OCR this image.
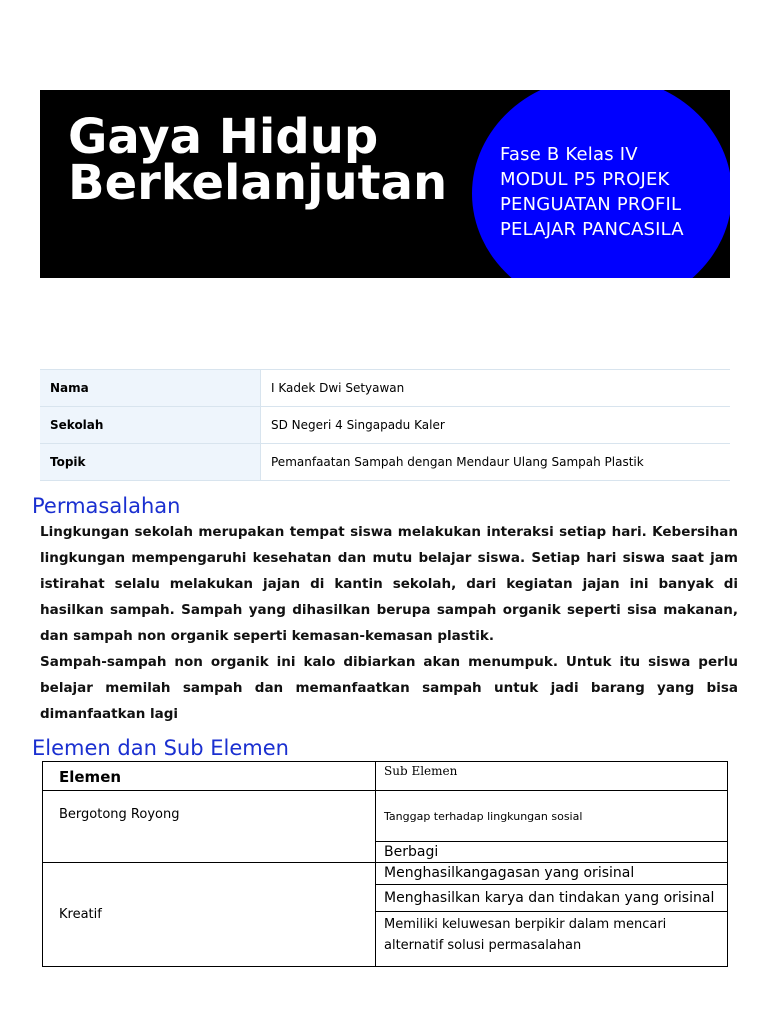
Gaya Hidup
Berkelanjutan
Fase B Kelas IV
MODUL P5 PROJEK
PENGUATAN PROFIL
PELAJAR PANCASILA
Nama	I Kadek Dwi Setyawan
Sekolah	SD Negeri 4 Singapadu Kaler
Topik	Pemanfaatan Sampah dengan Mendaur Ulang Sampah Plastik
Permasalahan

Lingkungan sekolah merupakan tempat siswa melakukan interaksi setiap hari. Kebersihan lingkungan mempengaruhi kesehatan dan mutu belajar siswa. Setiap hari siswa saat jam istirahat selalu melakukan jajan di kantin sekolah, dari kegiatan jajan ini banyak di hasilkan sampah. Sampah yang dihasilkan berupa sampah organik seperti sisa makanan, dan sampah non organik seperti kemasan-kemasan plastik.

Sampah-sampah non organik ini kalo dibiarkan akan menumpuk. Untuk itu siswa perlu belajar memilah sampah dan memanfaatkan sampah untuk jadi barang yang bisa dimanfaatkan lagi

Elemen dan Sub Elemen
Elemen	Sub Elemen
Bergotong Royong	Tanggap terhadap lingkungan sosial
	Berbagi
Kreatif	Menghasilkangagasan yang orisinal
	Menghasilkan karya dan tindakan yang orisinal
	Memiliki keluwesan berpikir dalam mencari alternatif solusi permasalahan
